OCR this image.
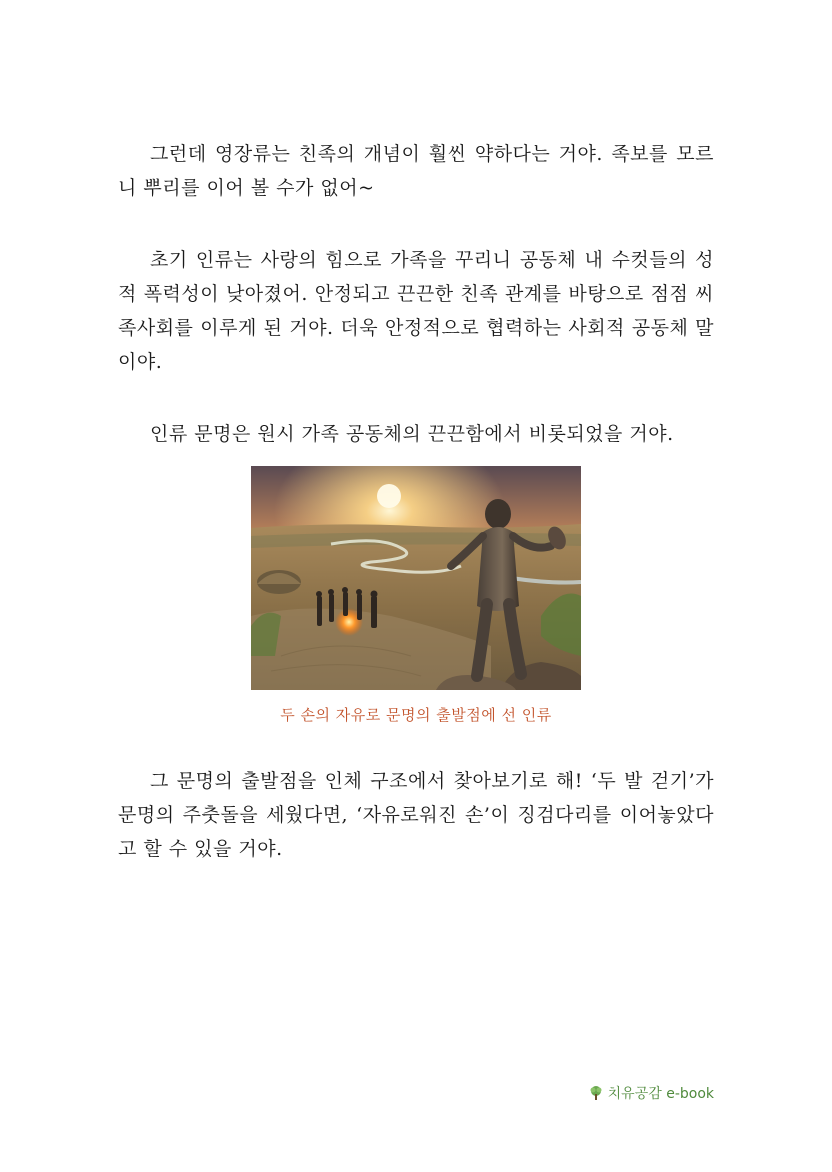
그런데 영장류는 친족의 개념이 훨씬 약하다는 거야. 족보를 모르니 뿌리를 이어 볼 수가 없어~

초기 인류는 사랑의 힘으로 가족을 꾸리니 공동체 내 수컷들의 성적 폭력성이 낮아졌어. 안정되고 끈끈한 친족 관계를 바탕으로 점점 씨족사회를 이루게 된 거야. 더욱 안정적으로 협력하는 사회적 공동체 말이야.

인류 문명은 원시 가족 공동체의 끈끈함에서 비롯되었을 거야.

두 손의 자유로 문명의 출발점에 선 인류

그 문명의 출발점을 인체 구조에서 찾아보기로 해! ‘두 발 걷기’가 문명의 주춧돌을 세웠다면, ‘자유로워진 손’이 징검다리를 이어놓았다고 할 수 있을 거야.

치유공감 e-book
